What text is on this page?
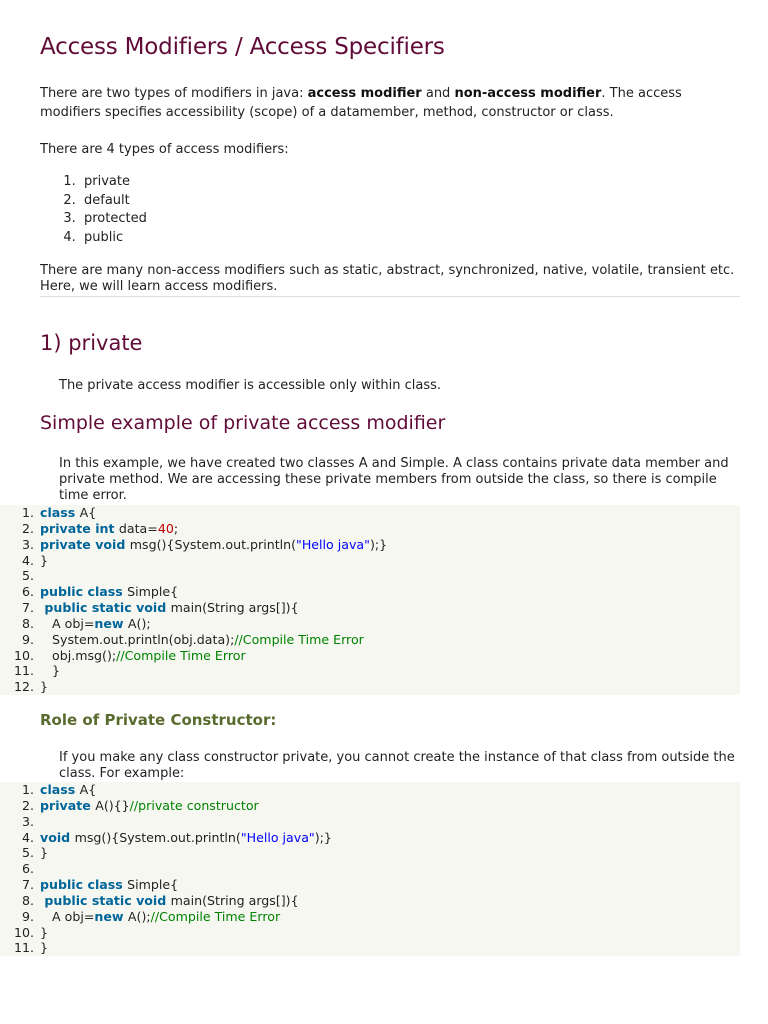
Access Modifiers / Access Specifiers

There are two types of modifiers in java: access modifier and non-access modifier. The access modifiers specifies accessibility (scope) of a datamember, method, constructor or class.

There are 4 types of access modifiers:

1.  private
2.  default
3.  protected
4.  public

There are many non-access modifiers such as static, abstract, synchronized, native, volatile, transient etc. Here, we will learn access modifiers.

1) private

The private access modifier is accessible only within class.

Simple example of private access modifier

In this example, we have created two classes A and Simple. A class contains private data member and private method. We are accessing these private members from outside the class, so there is compile time error.

1. class A{
2. private int data=40;
3. private void msg(){System.out.println("Hello java");}
4. }
5.
6. public class Simple{
7. public static void main(String args[]){
8.   A obj=new A();
9.   System.out.println(obj.data);//Compile Time Error
10.   obj.msg();//Compile Time Error
11.   }
12. }
Role of Private Constructor:

If you make any class constructor private, you cannot create the instance of that class from outside the class. For example:

1. class A{
2. private A(){}//private constructor
3.
4. void msg(){System.out.println("Hello java");}
5. }
6.
7. public class Simple{
8. public static void main(String args[]){
9.   A obj=new A();//Compile Time Error
10. }
11. }
